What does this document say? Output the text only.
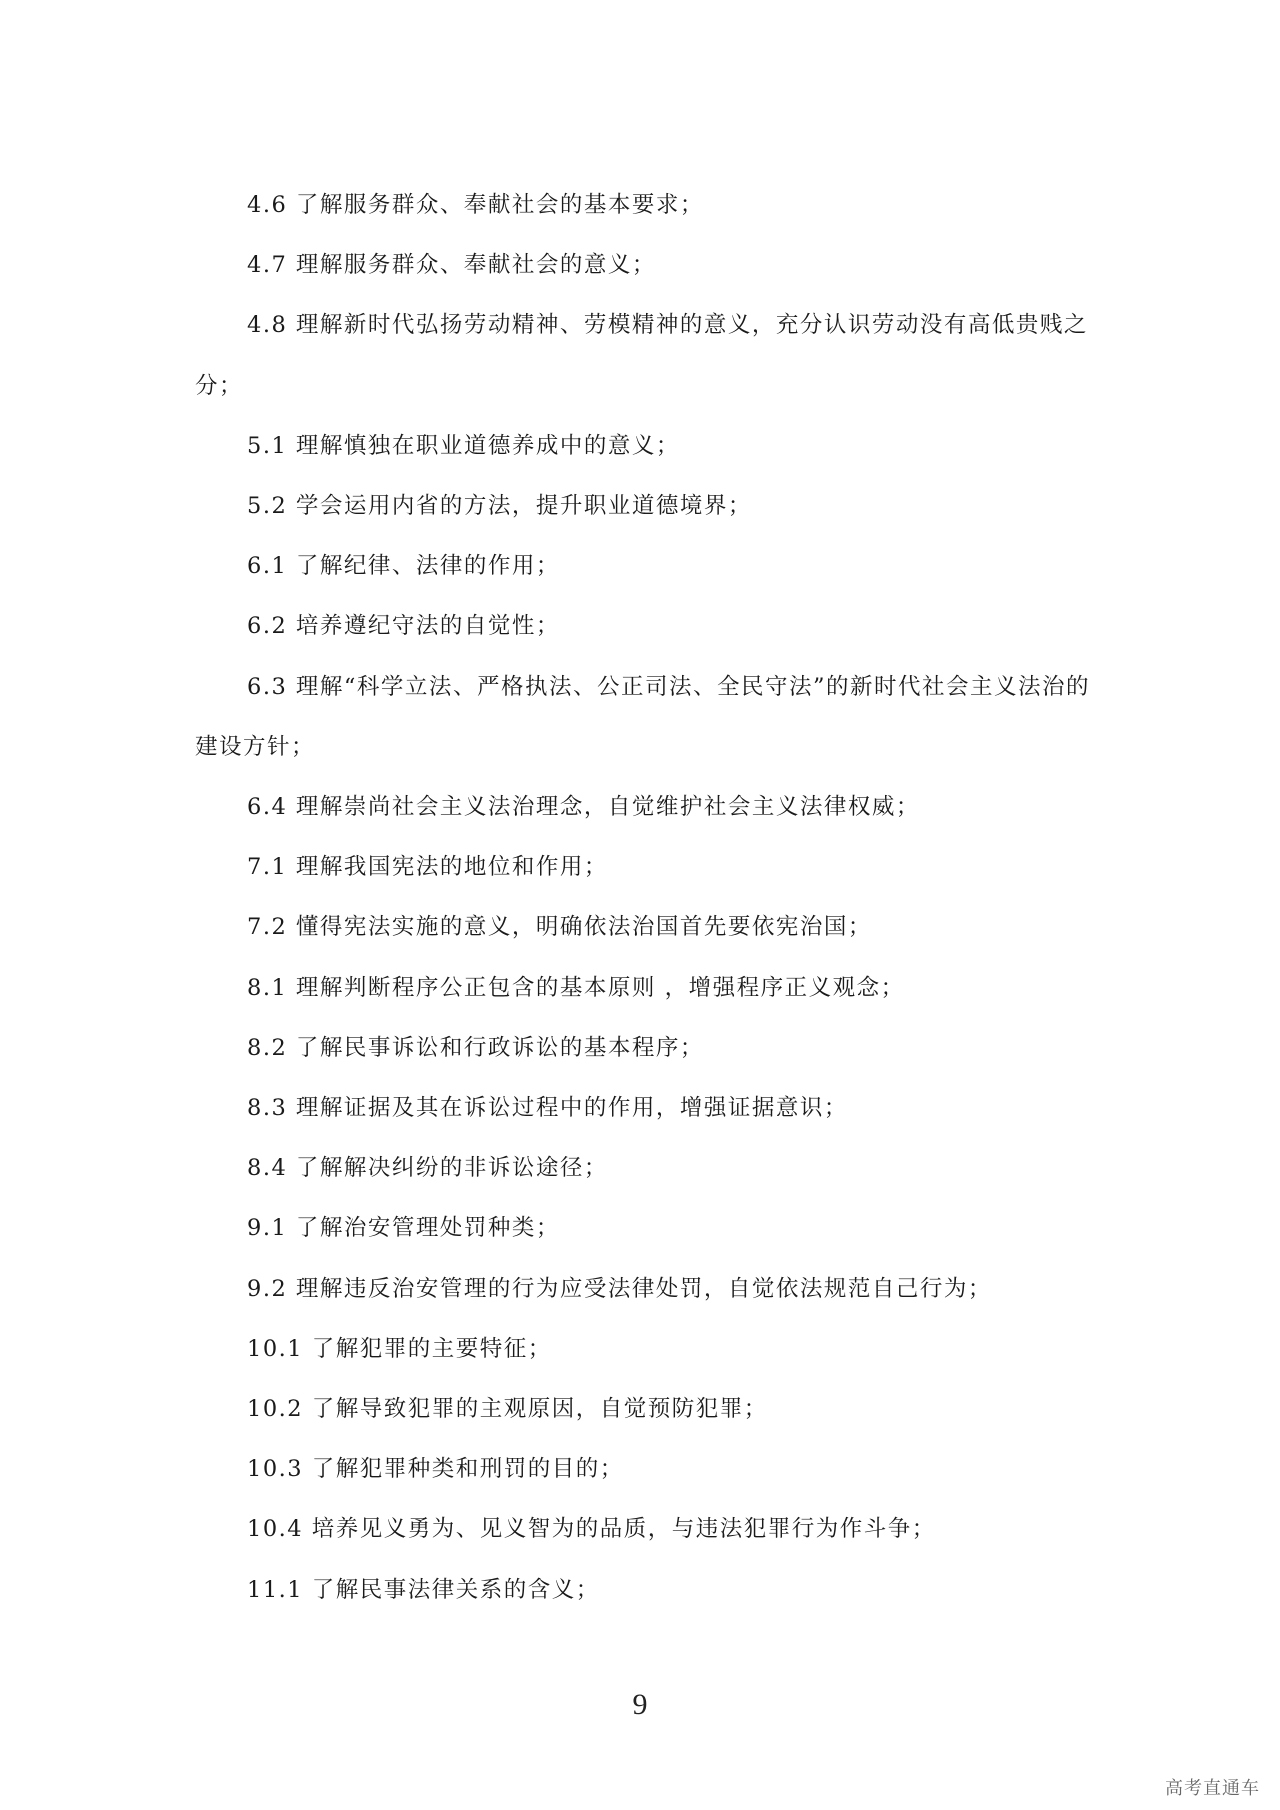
4.6 了解服务群众、奉献社会的基本要求；

4.7 理解服务群众、奉献社会的意义；

4.8 理解新时代弘扬劳动精神、劳模精神的意义，充分认识劳动没有高低贵贱之分；

5.1 理解慎独在职业道德养成中的意义；

5.2 学会运用内省的方法，提升职业道德境界；

6.1 了解纪律、法律的作用；

6.2 培养遵纪守法的自觉性；

6.3 理解“科学立法、严格执法、公正司法、全民守法”的新时代社会主义法治的建设方针；

6.4 理解崇尚社会主义法治理念，自觉维护社会主义法律权威；

7.1 理解我国宪法的地位和作用；

7.2 懂得宪法实施的意义，明确依法治国首先要依宪治国；

8.1 理解判断程序公正包含的基本原则 ，增强程序正义观念；

8.2 了解民事诉讼和行政诉讼的基本程序；

8.3 理解证据及其在诉讼过程中的作用，增强证据意识；

8.4 了解解决纠纷的非诉讼途径；

9.1 了解治安管理处罚种类；

9.2 理解违反治安管理的行为应受法律处罚，自觉依法规范自己行为；

10.1 了解犯罪的主要特征；

10.2 了解导致犯罪的主观原因，自觉预防犯罪；

10.3 了解犯罪种类和刑罚的目的；

10.4 培养见义勇为、见义智为的品质，与违法犯罪行为作斗争；

11.1 了解民事法律关系的含义；

9
高考直通车
